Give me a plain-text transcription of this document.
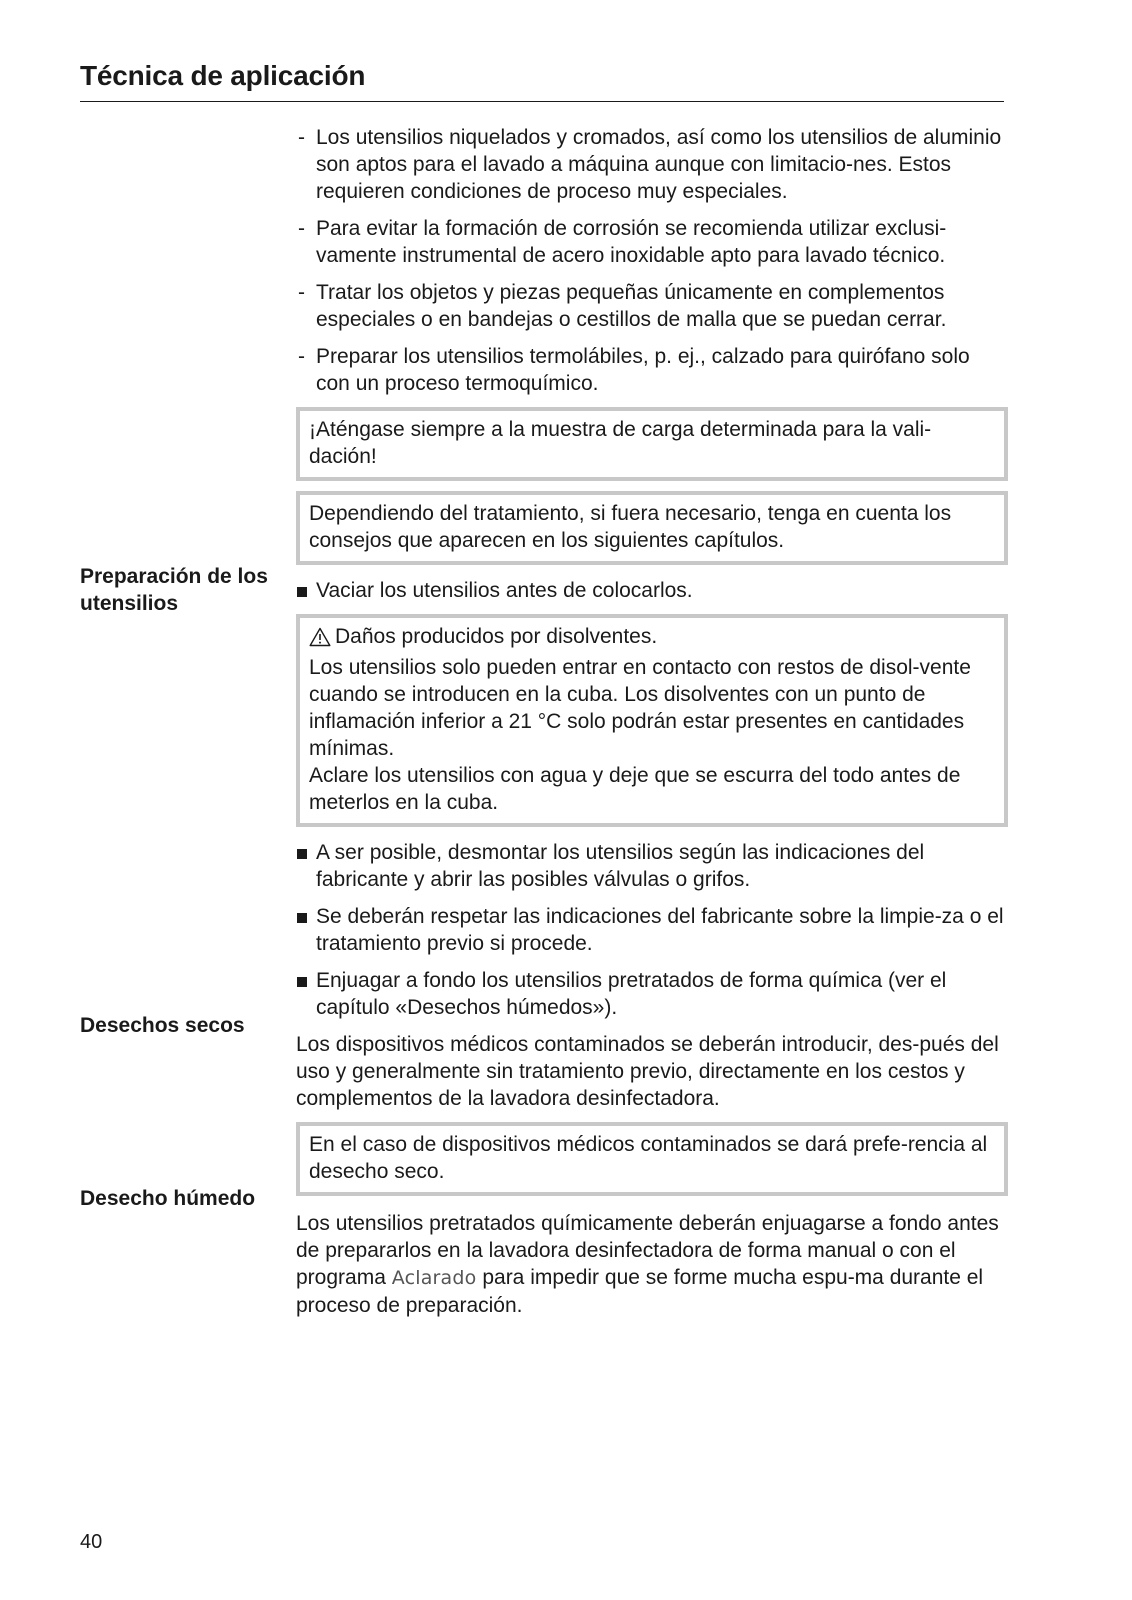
Técnica de aplicación
Preparación de los utensilios
Desechos secos
Desecho húmedo
- Los utensilios niquelados y cromados, así como los utensilios de aluminio son aptos para el lavado a máquina aunque con limitacio-nes. Estos requieren condiciones de proceso muy especiales.
- Para evitar la formación de corrosión se recomienda utilizar exclusi-vamente instrumental de acero inoxidable apto para lavado técnico.
- Tratar los objetos y piezas pequeñas únicamente en complementos especiales o en bandejas o cestillos de malla que se puedan cerrar.
- Preparar los utensilios termolábiles, p. ej., calzado para quirófano solo con un proceso termoquímico.

¡Aténgase siempre a la muestra de carga determinada para la vali-dación!

Dependiendo del tratamiento, si fuera necesario, tenga en cuenta los consejos que aparecen en los siguientes capítulos.

Vaciar los utensilios antes de colocarlos.

Daños producidos por disolventes.

Los utensilios solo pueden entrar en contacto con restos de disol-vente cuando se introducen en la cuba. Los disolventes con un punto de inflamación inferior a 21 °C solo podrán estar presentes en cantidades mínimas.

Aclare los utensilios con agua y deje que se escurra del todo antes de meterlos en la cuba.

A ser posible, desmontar los utensilios según las indicaciones del fabricante y abrir las posibles válvulas o grifos.
Se deberán respetar las indicaciones del fabricante sobre la limpie-za o el tratamiento previo si procede.
Enjuagar a fondo los utensilios pretratados de forma química (ver el capítulo «Desechos húmedos»).

Los dispositivos médicos contaminados se deberán introducir, des-pués del uso y generalmente sin tratamiento previo, directamente en los cestos y complementos de la lavadora desinfectadora.

En el caso de dispositivos médicos contaminados se dará prefe-rencia al desecho seco.

Los utensilios pretratados químicamente deberán enjuagarse a fondo antes de prepararlos en la lavadora desinfectadora de forma manual o con el programa Aclarado para impedir que se forme mucha espu-ma durante el proceso de preparación.

40
